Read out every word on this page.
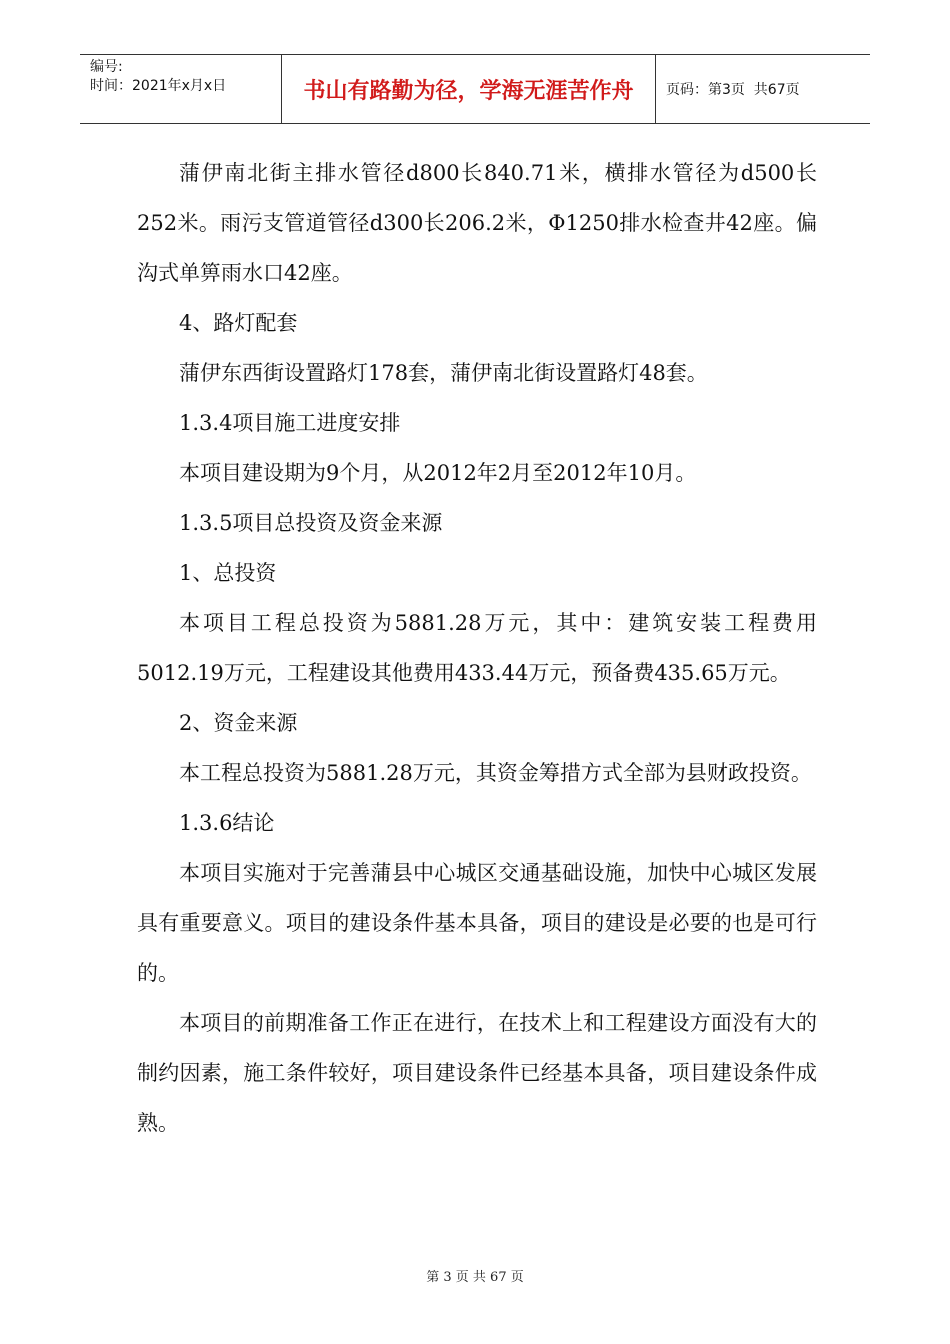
编号:
时间：2021年x月x日	书山有路勤为径，学海无涯苦作舟	页码：第3页  共67页

蒲伊南北街主排水管径d800长840.71米，横排水管径为d500长252米。雨污支管道管径d300长206.2米，Φ1250排水检查井42座。偏沟式单箅雨水口42座。

4、路灯配套

蒲伊东西街设置路灯178套，蒲伊南北街设置路灯48套。

1.3.4项目施工进度安排

本项目建设期为9个月，从2012年2月至2012年10月。

1.3.5项目总投资及资金来源

1、总投资

本项目工程总投资为5881.28万元，其中：建筑安装工程费用5012.19万元，工程建设其他费用433.44万元，预备费435.65万元。

2、资金来源

本工程总投资为5881.28万元，其资金筹措方式全部为县财政投资。

1.3.6结论

本项目实施对于完善蒲县中心城区交通基础设施，加快中心城区发展具有重要意义。项目的建设条件基本具备，项目的建设是必要的也是可行的。

本项目的前期准备工作正在进行，在技术上和工程建设方面没有大的制约因素，施工条件较好，项目建设条件已经基本具备，项目建设条件成熟。

第 3 页 共 67 页
